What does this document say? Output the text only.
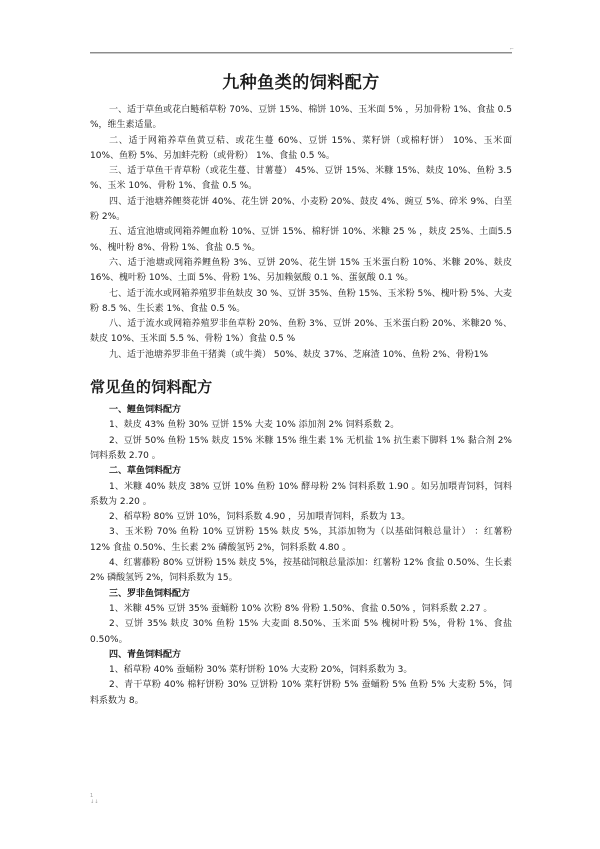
⌐
九种鱼类的饲料配方

一、适于草鱼或花白鲢稻草粉 70%、豆饼 15%、棉饼 10%、玉米面 5% ，另加骨粉 1%、食盐 0.5 %，维生素适量。

二、适于网箱养草鱼黄豆秸、或花生蔓 60%、豆饼 15%、菜籽饼（或棉籽饼） 10%、玉米面 10%、鱼粉 5%、另加蚌壳粉（或骨粉） 1%、食盐 0.5 %。

三、适于草鱼干青草粉（或花生蔓、甘薯蔓） 45%、豆饼 15%、米糠 15%、麸皮 10%、鱼粉 3.5 %、玉米 10%、骨粉 1%、食盐 0.5 %。

四、适于池塘养鲤葵花饼 40%、花生饼 20%、小麦粉 20%、鼓皮 4%、豌豆 5%、碎米 9%、白垩粉 2%。

五、适宜池塘或网箱养鲤血粉 10%、豆饼 15%、棉籽饼 10%、米糠 25 % ，麸皮 25%、土面5.5 %、槐叶粉 8%、骨粉 1%、食盐 0.5 %。

六、适于池塘或网箱养鲤鱼粉 3%、豆饼 20%、花生饼 15% 玉米蛋白粉 10%、米糠 20%、麸皮 16%、槐叶粉 10%、土面 5%、骨粉 1%、另加赖氨酸 0.1 %、蛋氨酸 0.1 %。

七、适于流水或网箱养殖罗非鱼麸皮 30 %、豆饼 35%、鱼粉 15%、玉米粉 5%、槐叶粉 5%、大麦粉 8.5 %、生长素 1%、食盐 0.5 %。

八、适于流水或网箱养殖罗非鱼草粉 20%、鱼粉 3%、豆饼 20%、玉米蛋白粉 20%、米糠20 %、麸皮 10%、玉米面 5.5 %、骨粉 1%）食盐 0.5 %

九、适于池塘养罗非鱼干猪粪（或牛粪） 50%、麸皮 37%、芝麻渣 10%、鱼粉 2%、骨粉1%

常见鱼的饲料配方

一、鲤鱼饲料配方

1、麸皮 43% 鱼粉 30% 豆饼 15% 大麦 10% 添加剂 2% 饲料系数 2。

2、豆饼 50% 鱼粉 15% 麸皮 15% 米糠 15% 维生素 1% 无机盐 1% 抗生素下脚料 1% 黏合剂 2% 饲料系数 2.70 。

二、草鱼饲料配方

1、米糠 40% 麸皮 38% 豆饼 10% 鱼粉 10% 酵母粉 2% 饲料系数 1.90 。如另加喂青饲料，饲料系数为 2.20 。

2、稻草粉 80% 豆饼 10%，饲料系数 4.90 ，另加喂青饲料，系数为 13。

3、玉米粉 70% 鱼粉 10% 豆饼粉 15% 麸皮 5%，其添加物为（以基础饲粮总量计） ：红薯粉 12% 食盐 0.50%、生长素 2% 磷酸氢钙 2%，饲料系数 4.80 。

4、红薯藤粉 80% 豆饼粉 15% 麸皮 5%，按基础饲粮总量添加：红薯粉 12% 食盐 0.50%、生长素 2% 磷酸氢钙 2%，饲料系数为 15。

三、罗非鱼饲料配方

1、米糠 45% 豆饼 35% 蚕蛹粉 10% 次粉 8% 骨粉 1.50%、食盐 0.50% ，饲料系数 2.27 。

2、豆饼 35% 麸皮 30% 鱼粉 15% 大麦面 8.50%、玉米面 5% 槐树叶粉 5%，骨粉 1%、食盐0.50%。

四、青鱼饲料配方

1、稻草粉 40% 蚕蛹粉 30% 菜籽饼粉 10% 大麦粉 20%，饲料系数为 3。

2、青干草粉 40% 棉籽饼粉 30% 豆饼粉 10% 菜籽饼粉 5% 蚕蛹粉 5% 鱼粉 5% 大麦粉 5%，饲料系数为 8。

1
↓↓
